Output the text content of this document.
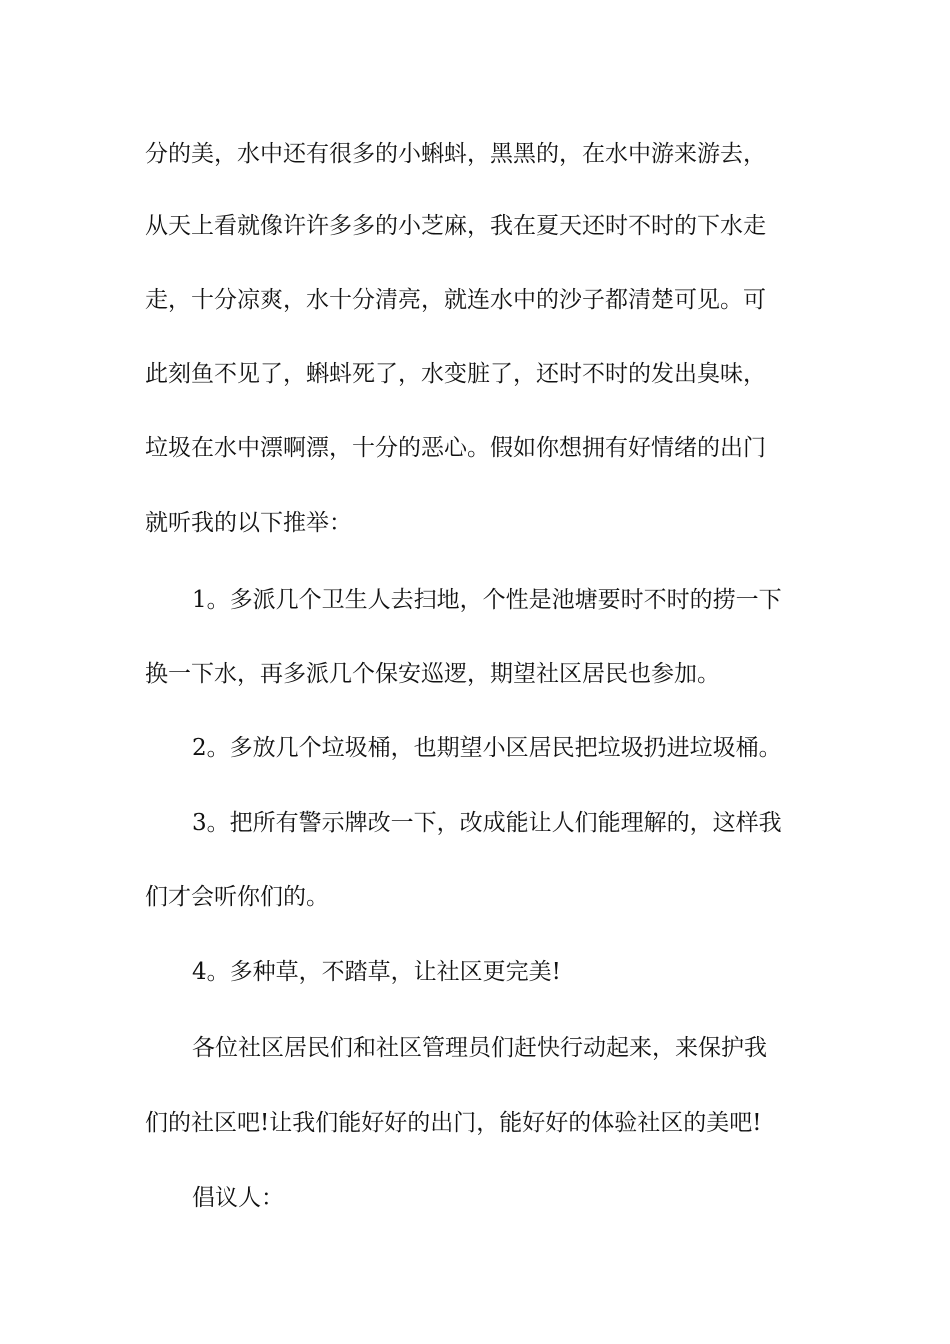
分的美，水中还有很多的小蝌蚪，黑黑的，在水中游来游去，
从天上看就像许许多多的小芝麻，我在夏天还时不时的下水走
走，十分凉爽，水十分清亮，就连水中的沙子都清楚可见。可
此刻鱼不见了，蝌蚪死了，水变脏了，还时不时的发出臭味，
垃圾在水中漂啊漂，十分的恶心。假如你想拥有好情绪的出门
就听我的以下推举：
1。多派几个卫生人去扫地，个性是池塘要时不时的捞一下
换一下水，再多派几个保安巡逻，期望社区居民也参加。
2。多放几个垃圾桶，也期望小区居民把垃圾扔进垃圾桶。
3。把所有警示牌改一下，改成能让人们能理解的，这样我
们才会听你们的。
4。多种草，不踏草，让社区更完美!
各位社区居民们和社区管理员们赶快行动起来，来保护我
们的社区吧!让我们能好好的出门，能好好的体验社区的美吧!
倡议人：
